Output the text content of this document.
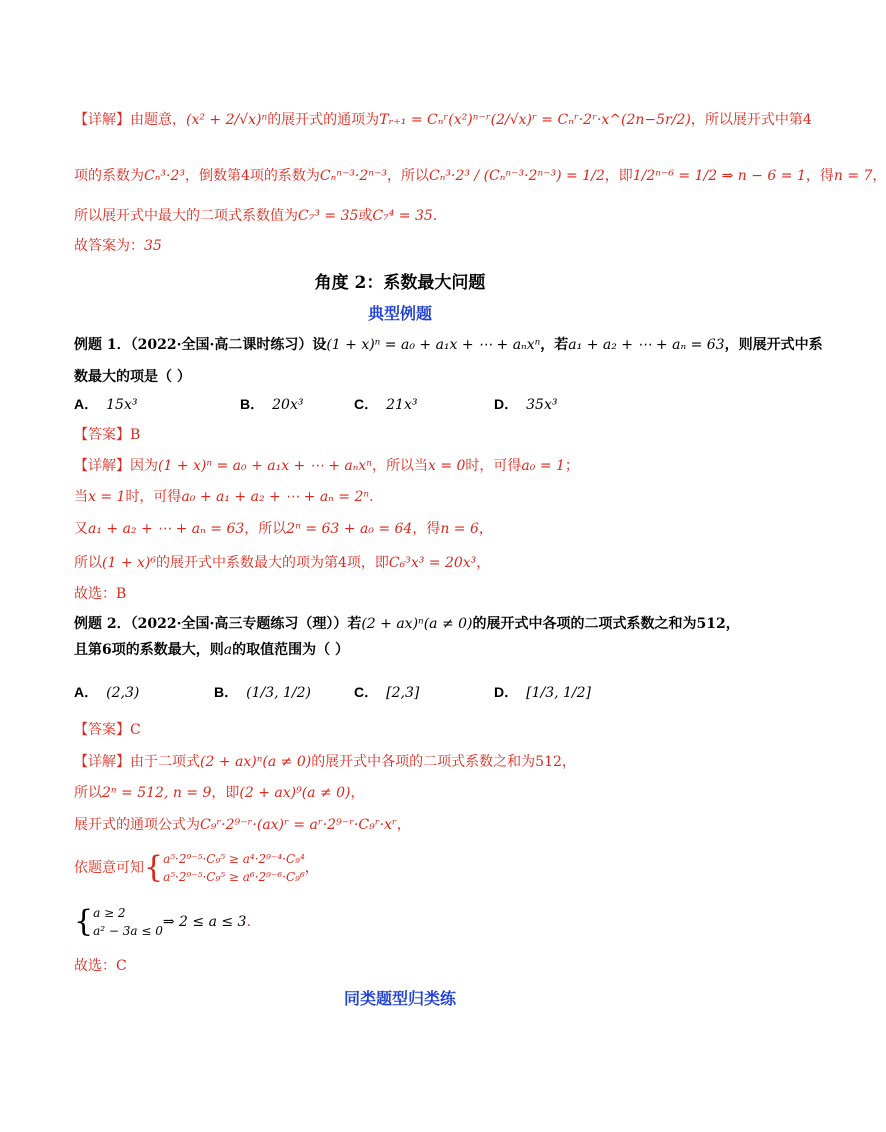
【详解】由题意，(x² + 2/√x)ⁿ的展开式的通项为Tᵣ₊₁ = Cₙʳ(x²)ⁿ⁻ʳ(2/√x)ʳ = Cₙʳ·2ʳ·x^(2n−5r/2)，所以展开式中第4
项的系数为Cₙ³·2³，倒数第4项的系数为Cₙⁿ⁻³·2ⁿ⁻³，所以Cₙ³·2³ / (Cₙⁿ⁻³·2ⁿ⁻³) = 1/2，即1/2ⁿ⁻⁶ = 1/2 ⇒ n − 6 = 1，得n = 7，
所以展开式中最大的二项式系数值为C₇³ = 35或C₇⁴ = 35.
故答案为：35
角度 2：系数最大问题
典型例题
例题 1．（2022·全国·高二课时练习）设(1 + x)ⁿ = a₀ + a₁x + ⋯ + aₙxⁿ，若a₁ + a₂ + ⋯ + aₙ = 63，则展开式中系
数最大的项是（ ）
A． 15x³	B． 20x³	C． 21x³	D． 35x³
【答案】B
【详解】因为(1 + x)ⁿ = a₀ + a₁x + ⋯ + aₙxⁿ，所以当x = 0时，可得a₀ = 1；
当x = 1时，可得a₀ + a₁ + a₂ + ⋯ + aₙ = 2ⁿ.
又a₁ + a₂ + ⋯ + aₙ = 63，所以2ⁿ = 63 + a₀ = 64，得n = 6，
所以(1 + x)⁶的展开式中系数最大的项为第4项，即C₆³x³ = 20x³，
故选：B
例题 2．（2022·全国·高三专题练习（理））若(2 + ax)ⁿ(a ≠ 0)的展开式中各项的二项式系数之和为512，
且第6项的系数最大，则a的取值范围为（ ）
A． (2,3)	B． (1/3, 1/2)	C． [2,3]	D． [1/3, 1/2]
【答案】C
【详解】由于二项式(2 + ax)ⁿ(a ≠ 0)的展开式中各项的二项式系数之和为512，
所以2ⁿ = 512, n = 9，即(2 + ax)⁹(a ≠ 0)，
展开式的通项公式为C₉ʳ·2⁹⁻ʳ·(ax)ʳ = aʳ·2⁹⁻ʳ·C₉ʳ·xʳ，
依题意可知{a⁵·2⁹⁻⁵·C₉⁵ ≥ a⁴·2⁹⁻⁴·C₉⁴
a⁵·2⁹⁻⁵·C₉⁵ ≥ a⁶·2⁹⁻⁶·C₉⁶，
{a ≥ 2
a² − 3a ≤ 0⇒ 2 ≤ a ≤ 3.
故选：C
同类题型归类练
